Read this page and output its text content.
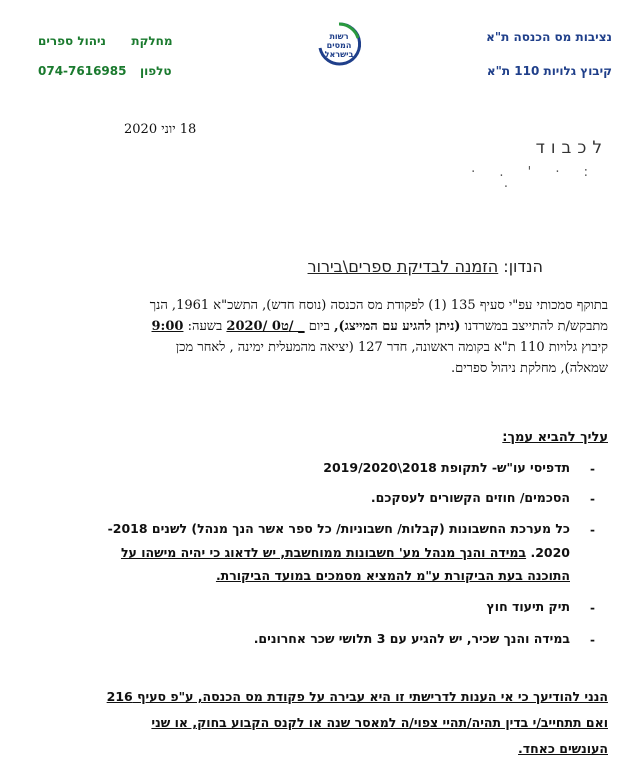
נציבות מס הכנסה ת"א
קיבוץ גלויות 110 ת"א
רשות
המסים
בישראל
מחלקת     ניהול ספרים
טלפון
074-7616985
18 יוני 2020
לכבוד
: · ' . ·
·
הנדון: הזמנה לבדיקת ספרים\בירור
בתוקף סמכותי עפ"י סעיף 135 (1) לפקודת מס הכנסה (נוסח חדש), התשכ"א 1961, הנך
מתבקש/ת להתייצב במשרדנו (ניתן להגיע עם המייצג), ביום 2020/ 0ט/ _ בשעה: 9:00
קיבוץ גלויות 110 ת"א בקומה ראשונה, חדר 127 (יציאה מהמעלית ימינה , לאחר מכן
שמאלה), מחלקת ניהול ספרים.
עליך להביא עמך:
-
תדפיסי עו"ש- לתקופת 2018\2019/2020
-
הסכמים/ חוזים הקשורים לעסקכם.
-
כל מערכת החשבונות (קבלות/ חשבוניות/ כל ספר אשר הנך מנהל) לשנים 2018-
2020. במידה והנך מנהל מע' חשבונות ממוחשבת, יש לדאוג כי יהיה מישהו על
התוכנה בעת הביקורת ע"מ להמציא מסמכים במועד הביקורת.
-
תיק תיעוד חוץ
-
במידה והנך שכיר, יש להגיע עם 3 תלושי שכר אחרונים.
הנני להודיעך כי אי הענות לדרישתי זו היא עבירה על פקודת מס הכנסה, ע"פ סעיף 216
ואם תתחייב/י בדין תהיה/תהיי צפוי/ה למאסר שנה או לקנס הקבוע בחוק, או שני
העונשים כאחד.
